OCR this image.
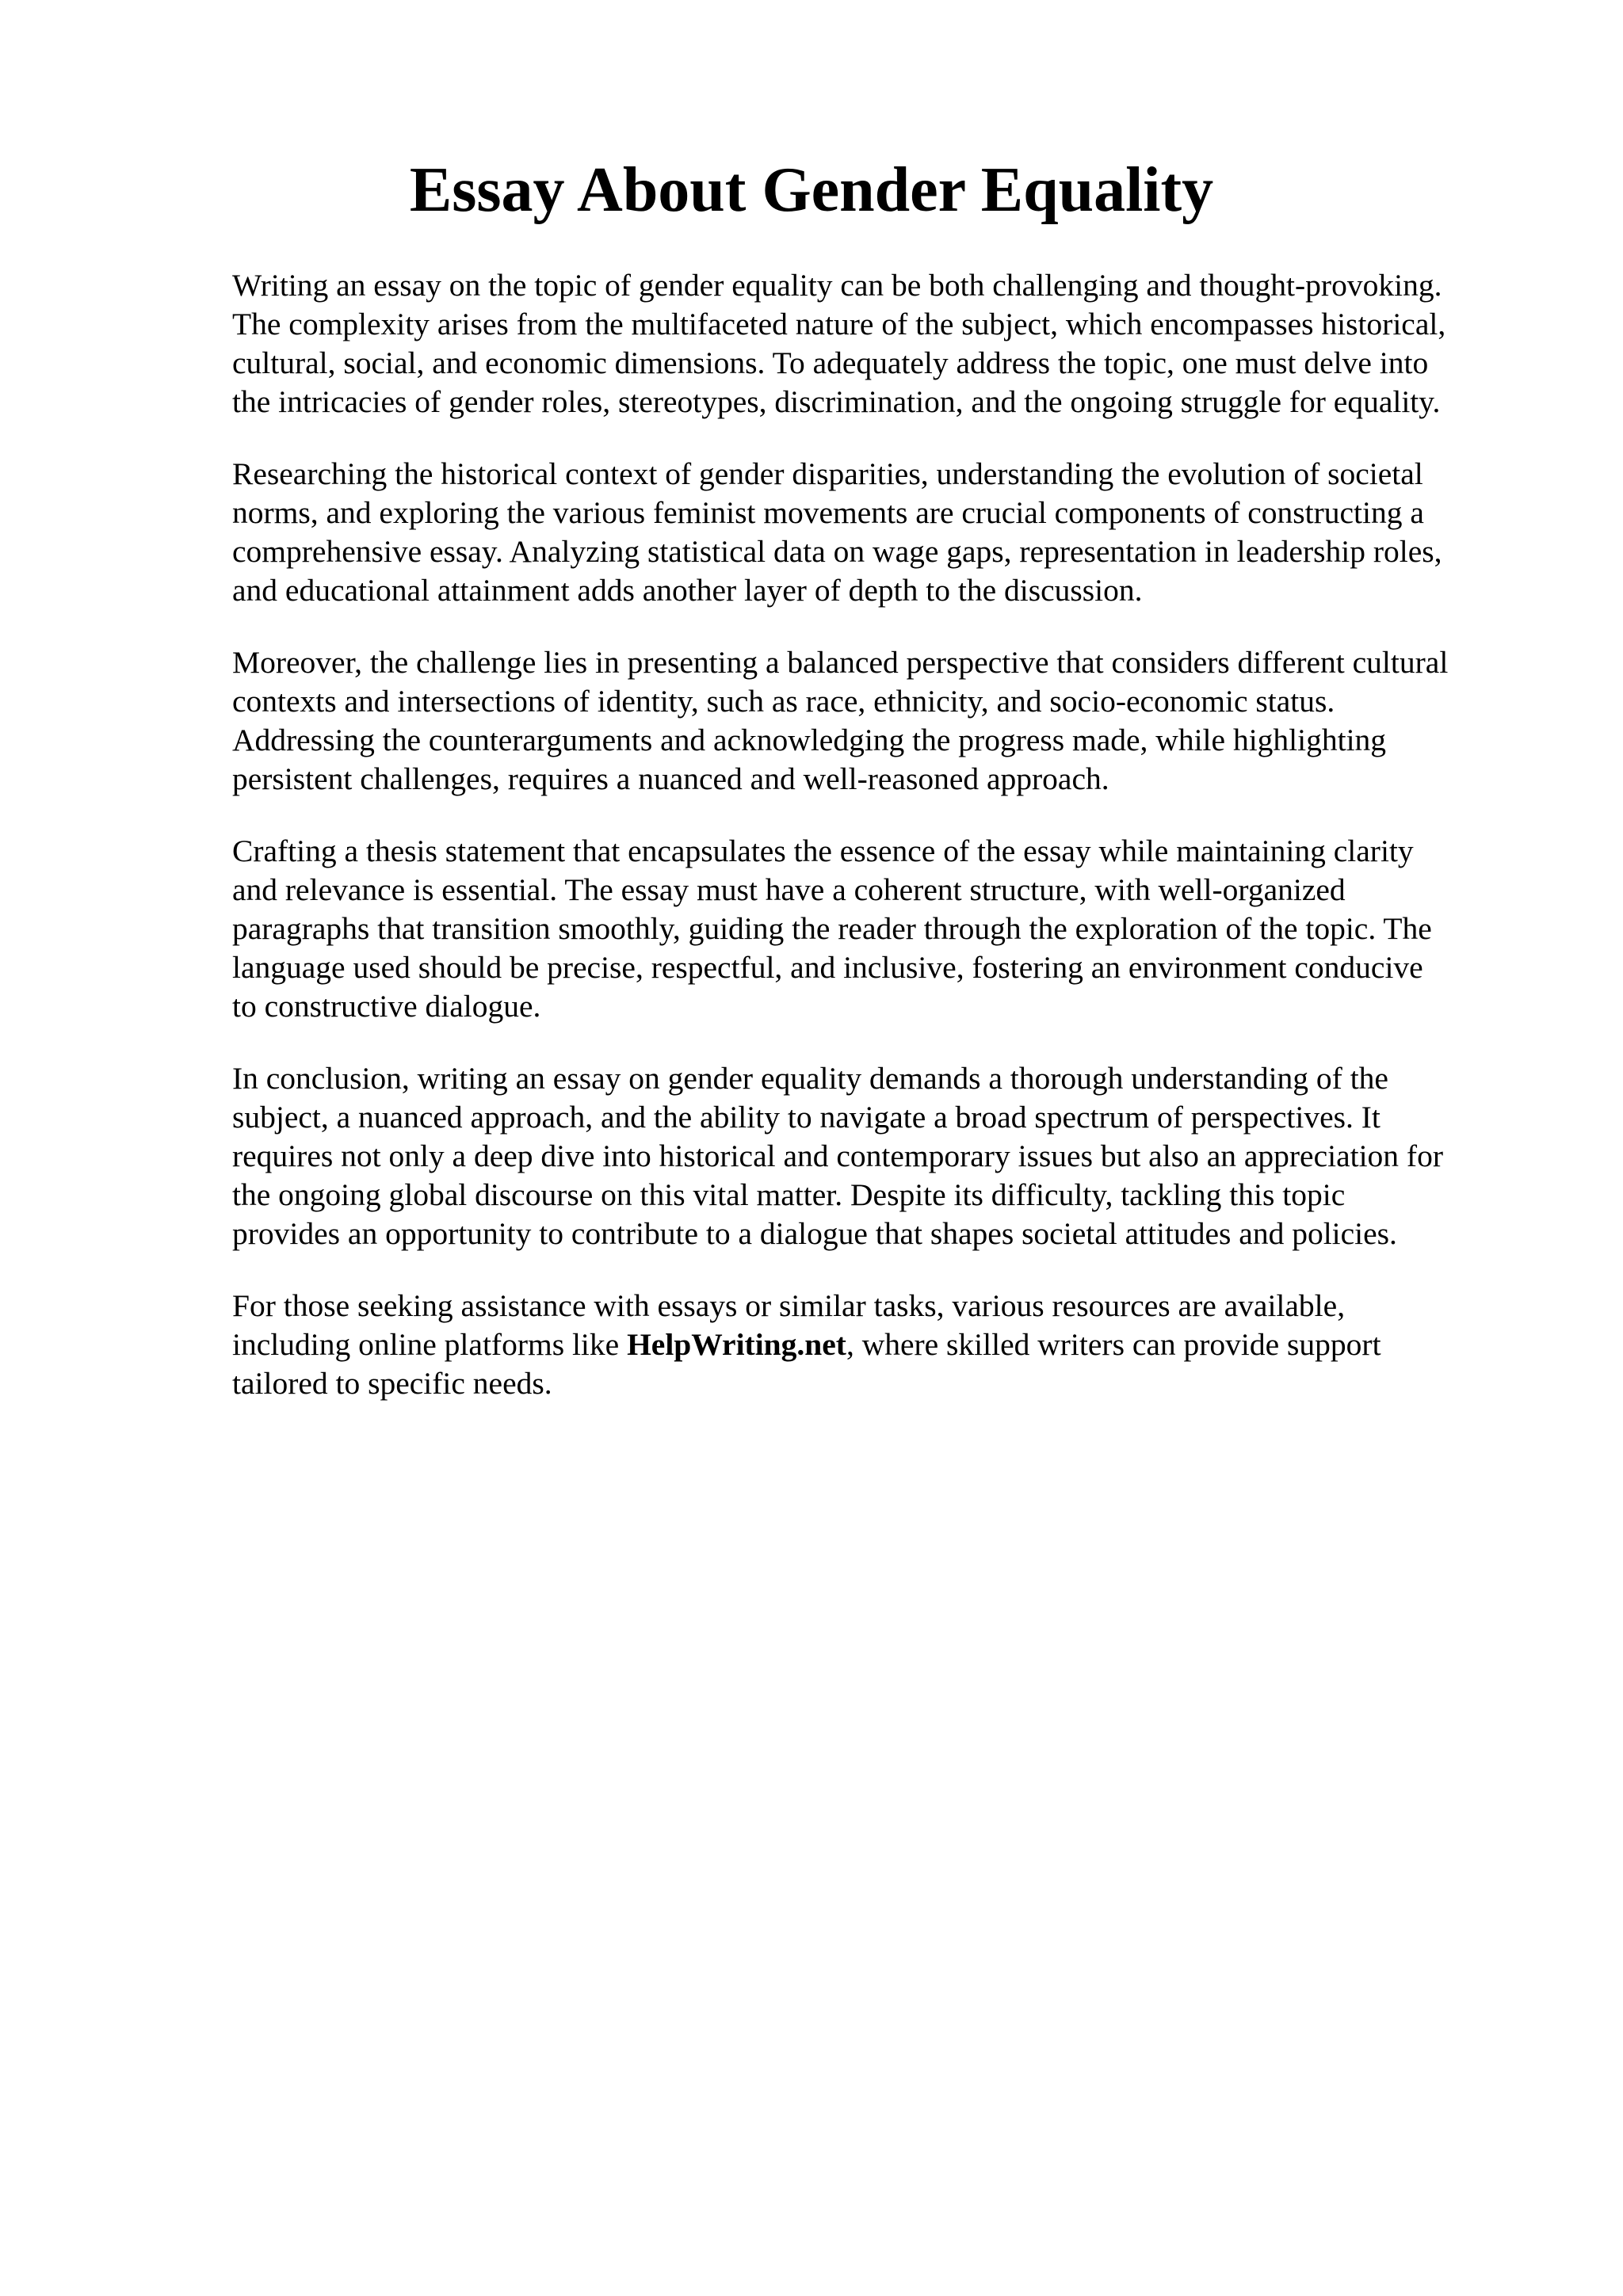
Essay About Gender Equality

Writing an essay on the topic of gender equality can be both challenging and thought-provoking.
The complexity arises from the multifaceted nature of the subject, which encompasses historical,
cultural, social, and economic dimensions. To adequately address the topic, one must delve into
the intricacies of gender roles, stereotypes, discrimination, and the ongoing struggle for equality.

Researching the historical context of gender disparities, understanding the evolution of societal
norms, and exploring the various feminist movements are crucial components of constructing a
comprehensive essay. Analyzing statistical data on wage gaps, representation in leadership roles,
and educational attainment adds another layer of depth to the discussion.

Moreover, the challenge lies in presenting a balanced perspective that considers different cultural
contexts and intersections of identity, such as race, ethnicity, and socio-economic status.
Addressing the counterarguments and acknowledging the progress made, while highlighting
persistent challenges, requires a nuanced and well-reasoned approach.

Crafting a thesis statement that encapsulates the essence of the essay while maintaining clarity
and relevance is essential. The essay must have a coherent structure, with well-organized
paragraphs that transition smoothly, guiding the reader through the exploration of the topic. The
language used should be precise, respectful, and inclusive, fostering an environment conducive
to constructive dialogue.

In conclusion, writing an essay on gender equality demands a thorough understanding of the
subject, a nuanced approach, and the ability to navigate a broad spectrum of perspectives. It
requires not only a deep dive into historical and contemporary issues but also an appreciation for
the ongoing global discourse on this vital matter. Despite its difficulty, tackling this topic
provides an opportunity to contribute to a dialogue that shapes societal attitudes and policies.

For those seeking assistance with essays or similar tasks, various resources are available,
including online platforms like HelpWriting.net, where skilled writers can provide support
tailored to specific needs.
